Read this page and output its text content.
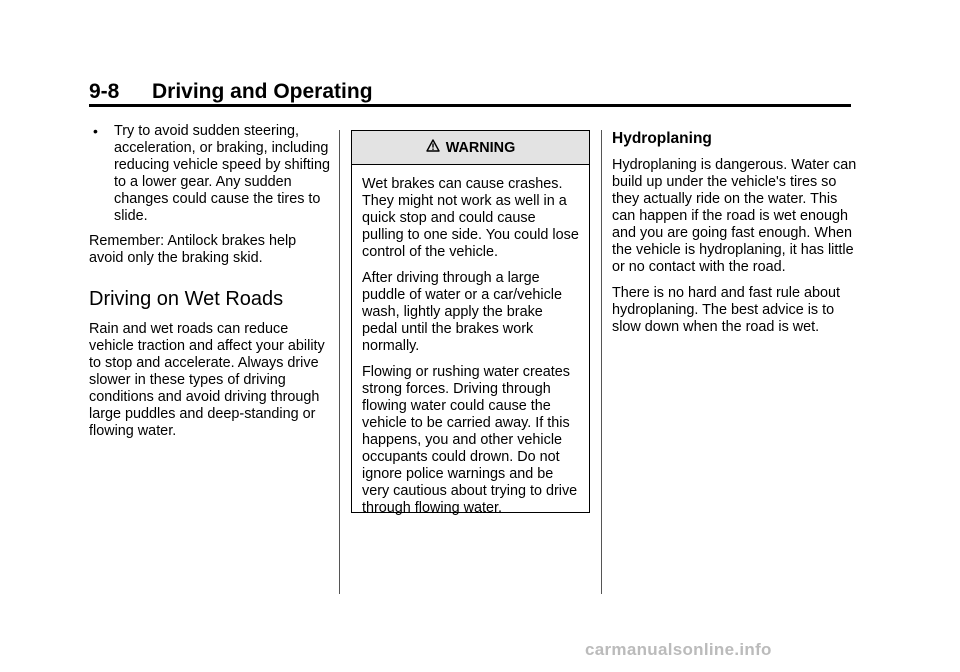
9-8 Driving and Operating
• Try to avoid sudden steering, acceleration, or braking, including reducing vehicle speed by shifting to a lower gear. Any sudden changes could cause the tires to slide.

Remember: Antilock brakes help avoid only the braking skid.

Driving on Wet Roads

Rain and wet roads can reduce vehicle traction and affect your ability to stop and accelerate. Always drive slower in these types of driving conditions and avoid driving through large puddles and deep-standing or flowing water.

WARNING

Wet brakes can cause crashes. They might not work as well in a quick stop and could cause pulling to one side. You could lose control of the vehicle.

After driving through a large puddle of water or a car/vehicle wash, lightly apply the brake pedal until the brakes work normally.

Flowing or rushing water creates strong forces. Driving through flowing water could cause the vehicle to be carried away. If this happens, you and other vehicle occupants could drown. Do not ignore police warnings and be very cautious about trying to drive through flowing water.

Hydroplaning

Hydroplaning is dangerous. Water can build up under the vehicle's tires so they actually ride on the water. This can happen if the road is wet enough and you are going fast enough. When the vehicle is hydroplaning, it has little or no contact with the road.

There is no hard and fast rule about hydroplaning. The best advice is to slow down when the road is wet.

carmanualsonline.info
